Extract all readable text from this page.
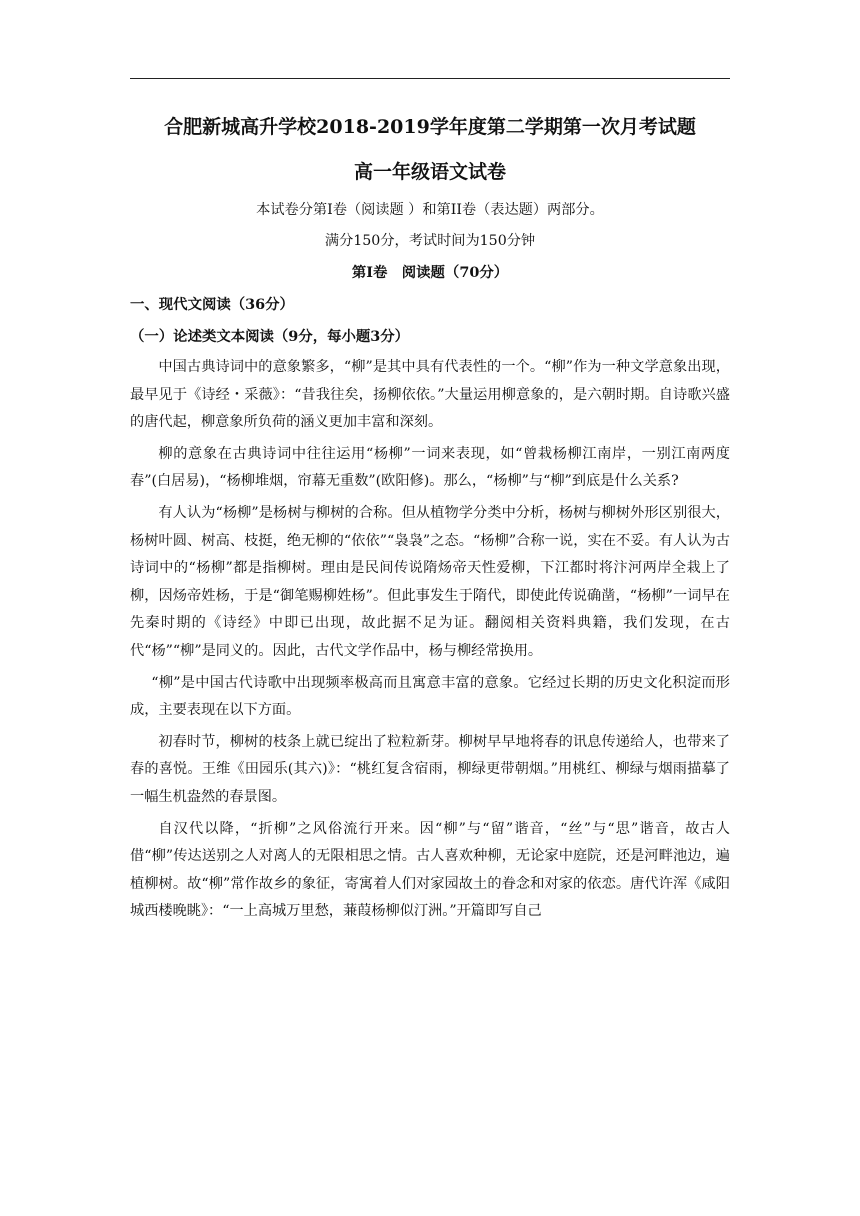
合肥新城高升学校2018-2019学年度第二学期第一次月考试题
高一年级语文试卷

本试卷分第Ⅰ卷（阅读题 ）和第II卷（表达题）两部分。

满分150分，考试时间为150分钟

第Ⅰ卷　阅读题（70分）

一、现代文阅读（36分）

（一）论述类文本阅读（9分，每小题3分）

中国古典诗词中的意象繁多，“柳”是其中具有代表性的一个。“柳”作为一种文学意象出现，最早见于《诗经・采薇》：“昔我往矣，扬柳依依。”大量运用柳意象的，是六朝时期。自诗歌兴盛的唐代起，柳意象所负荷的涵义更加丰富和深刻。

柳的意象在古典诗词中往往运用“杨柳”一词来表现，如“曾栽杨柳江南岸，一别江南两度春”(白居易)，“杨柳堆烟，帘幕无重数”(欧阳修)。那么，“杨柳”与“柳”到底是什么关系?

有人认为“杨柳”是杨树与柳树的合称。但从植物学分类中分析，杨树与柳树外形区别很大，杨树叶圆、树高、枝挺，绝无柳的“依依”“袅袅”之态。“杨柳”合称一说，实在不妥。有人认为古诗词中的“杨柳”都是指柳树。理由是民间传说隋炀帝天性爱柳，下江都时将汴河两岸全栽上了柳，因炀帝姓杨，于是“御笔赐柳姓杨”。但此事发生于隋代，即使此传说确凿，“杨柳”一词早在先秦时期的《诗经》中即已出现，故此据不足为证。翻阅相关资料典籍，我们发现，在古代“杨”“柳”是同义的。因此，古代文学作品中，杨与柳经常换用。

“柳”是中国古代诗歌中出现频率极高而且寓意丰富的意象。它经过长期的历史文化积淀而形成，主要表现在以下方面。

初春时节，柳树的枝条上就已绽出了粒粒新芽。柳树早早地将春的讯息传递给人，也带来了春的喜悦。王维《田园乐(其六)》：“桃红复含宿雨，柳绿更带朝烟。”用桃红、柳绿与烟雨描摹了一幅生机盎然的春景图。

自汉代以降，“折柳”之风俗流行开来。因“柳”与“留”谐音，“丝”与“思”谐音，故古人借“柳”传达送别之人对离人的无限相思之情。古人喜欢种柳，无论家中庭院，还是河畔池边，遍植柳树。故“柳”常作故乡的象征，寄寓着人们对家园故土的眷念和对家的依恋。唐代许浑《咸阳城西楼晚眺》：“一上高城万里愁，蒹葭杨柳似汀洲。”开篇即写自己
